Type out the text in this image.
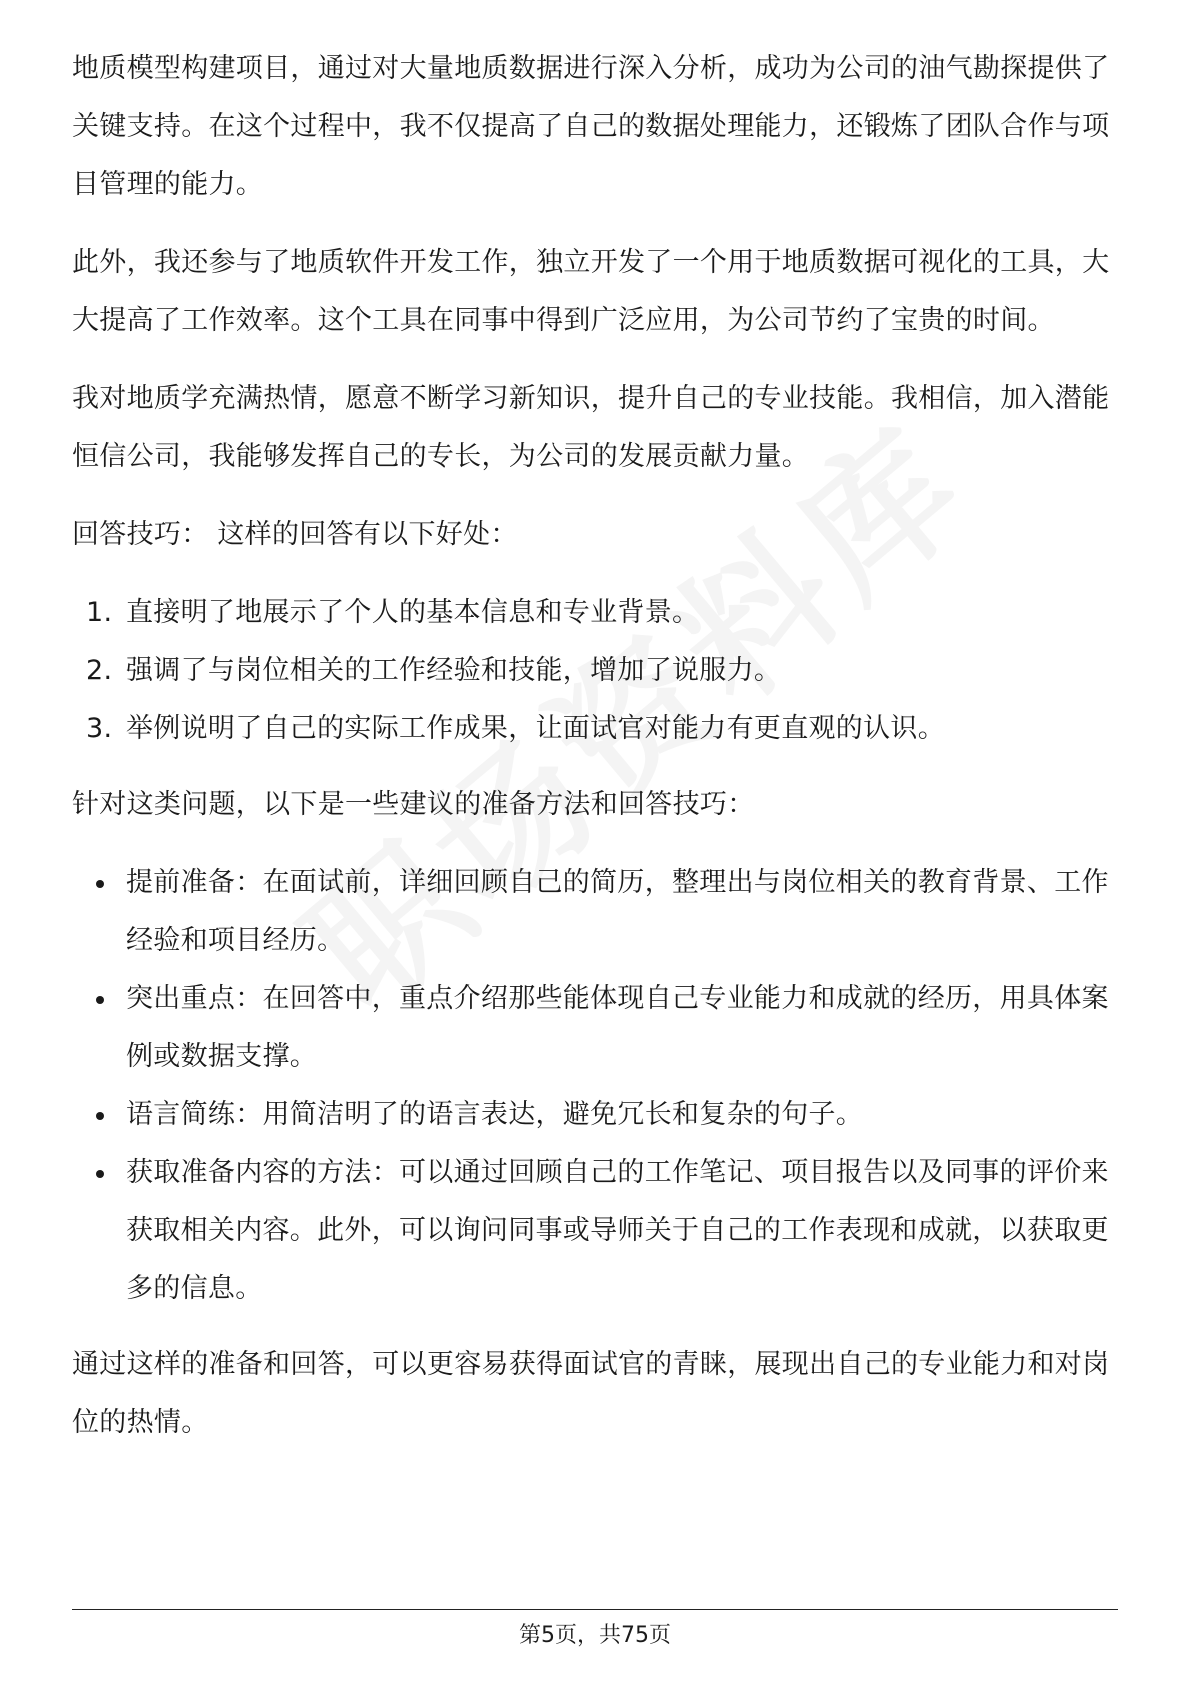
地质模型构建项目，通过对大量地质数据进行深入分析，成功为公司的油气勘探提供了关键支持。在这个过程中，我不仅提高了自己的数据处理能力，还锻炼了团队合作与项目管理的能力。

此外，我还参与了地质软件开发工作，独立开发了一个用于地质数据可视化的工具，大大提高了工作效率。这个工具在同事中得到广泛应用，为公司节约了宝贵的时间。

我对地质学充满热情，愿意不断学习新知识，提升自己的专业技能。我相信，加入潜能恒信公司，我能够发挥自己的专长，为公司的发展贡献力量。

回答技巧： 这样的回答有以下好处：

1. 直接明了地展示了个人的基本信息和专业背景。
2. 强调了与岗位相关的工作经验和技能，增加了说服力。
3. 举例说明了自己的实际工作成果，让面试官对能力有更直观的认识。

针对这类问题，以下是一些建议的准备方法和回答技巧：

提前准备：在面试前，详细回顾自己的简历，整理出与岗位相关的教育背景、工作经验和项目经历。
突出重点：在回答中，重点介绍那些能体现自己专业能力和成就的经历，用具体案例或数据支撑。
语言简练：用简洁明了的语言表达，避免冗长和复杂的句子。
获取准备内容的方法：可以通过回顾自己的工作笔记、项目报告以及同事的评价来获取相关内容。此外，可以询问同事或导师关于自己的工作表现和成就，以获取更多的信息。

通过这样的准备和回答，可以更容易获得面试官的青睐，展现出自己的专业能力和对岗位的热情。

第5页，共75页
